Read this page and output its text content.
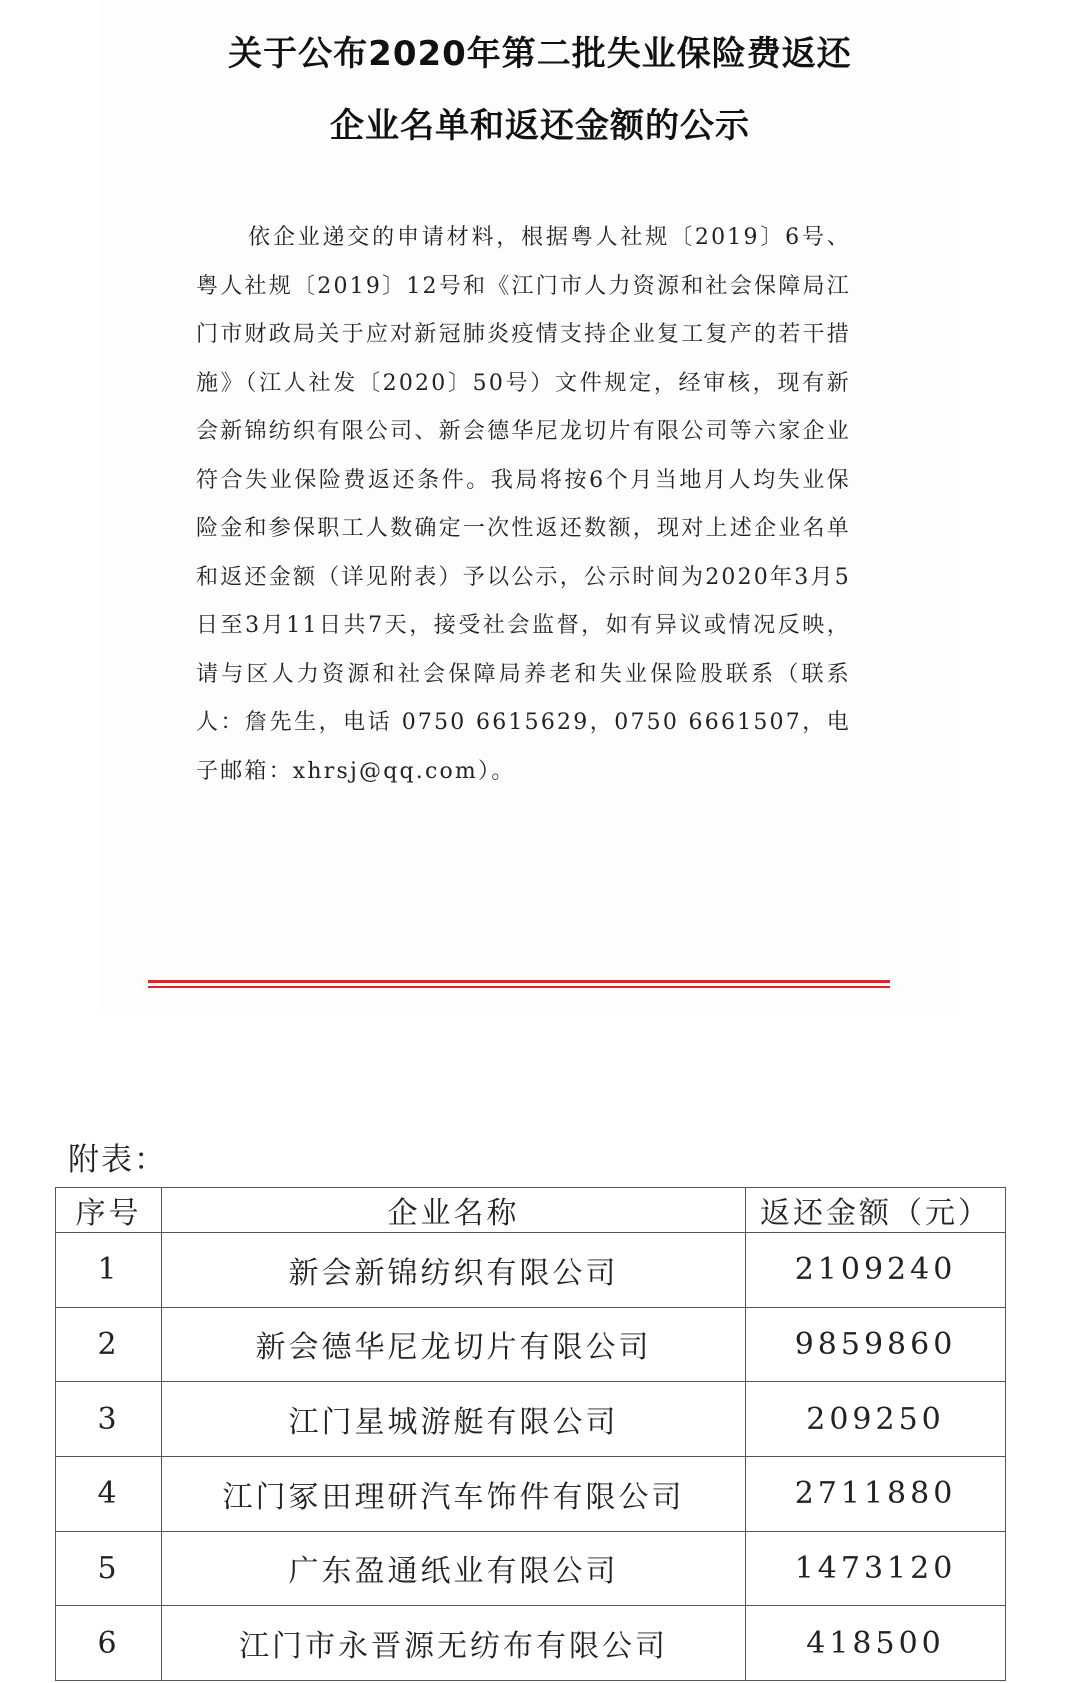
关于公布2020年第二批失业保险费返还
企业名单和返还金额的公示

依企业递交的申请材料，根据粤人社规〔2019〕6号、粤人社规〔2019〕12号和《江门市人力资源和社会保障局江门市财政局关于应对新冠肺炎疫情支持企业复工复产的若干措施》（江人社发〔2020〕50号）文件规定，经审核，现有新会新锦纺织有限公司、新会德华尼龙切片有限公司等六家企业符合失业保险费返还条件。我局将按6个月当地月人均失业保险金和参保职工人数确定一次性返还数额，现对上述企业名单和返还金额（详见附表）予以公示，公示时间为2020年3月5日至3月11日共7天，接受社会监督，如有异议或情况反映，请与区人力资源和社会保障局养老和失业保险股联系（联系人：詹先生，电话 0750 6615629，0750 6661507，电子邮箱：xhrsj@qq.com）。

附表：
序号	企业名称	返还金额（元）
1	新会新锦纺织有限公司	2109240
2	新会德华尼龙切片有限公司	9859860
3	江门星城游艇有限公司	209250
4	江门冢田理研汽车饰件有限公司	2711880
5	广东盈通纸业有限公司	1473120
6	江门市永晋源无纺布有限公司	418500
